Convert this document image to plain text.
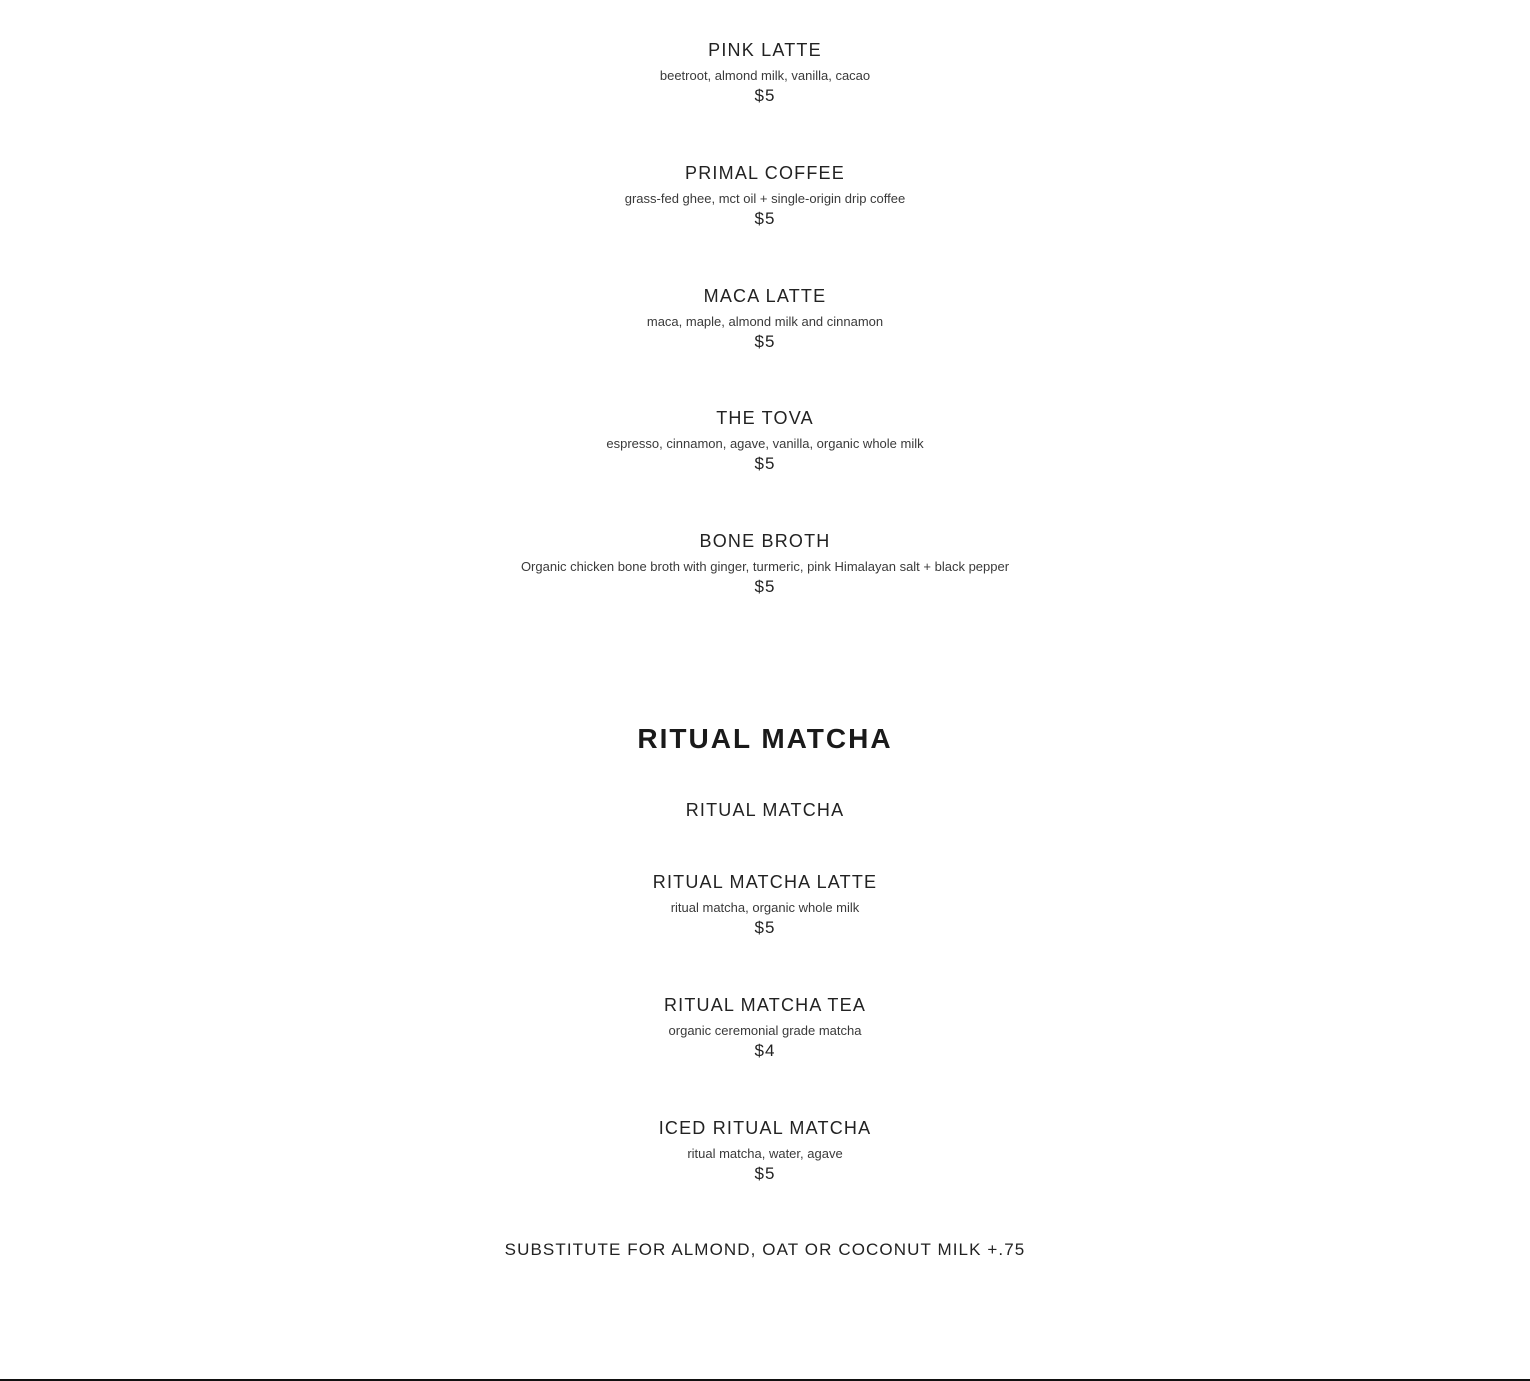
PINK LATTE

beetroot, almond milk, vanilla, cacao

$5

PRIMAL COFFEE

grass-fed ghee, mct oil + single-origin drip coffee

$5

MACA LATTE

maca, maple, almond milk and cinnamon

$5

THE TOVA

espresso, cinnamon, agave, vanilla, organic whole milk

$5

BONE BROTH

Organic chicken bone broth with ginger, turmeric, pink Himalayan salt + black pepper

$5

RITUAL MATCHA

RITUAL MATCHA

RITUAL MATCHA LATTE

ritual matcha, organic whole milk

$5

RITUAL MATCHA TEA

organic ceremonial grade matcha

$4

ICED RITUAL MATCHA

ritual matcha, water, agave

$5

SUBSTITUTE FOR ALMOND, OAT OR COCONUT MILK +.75
